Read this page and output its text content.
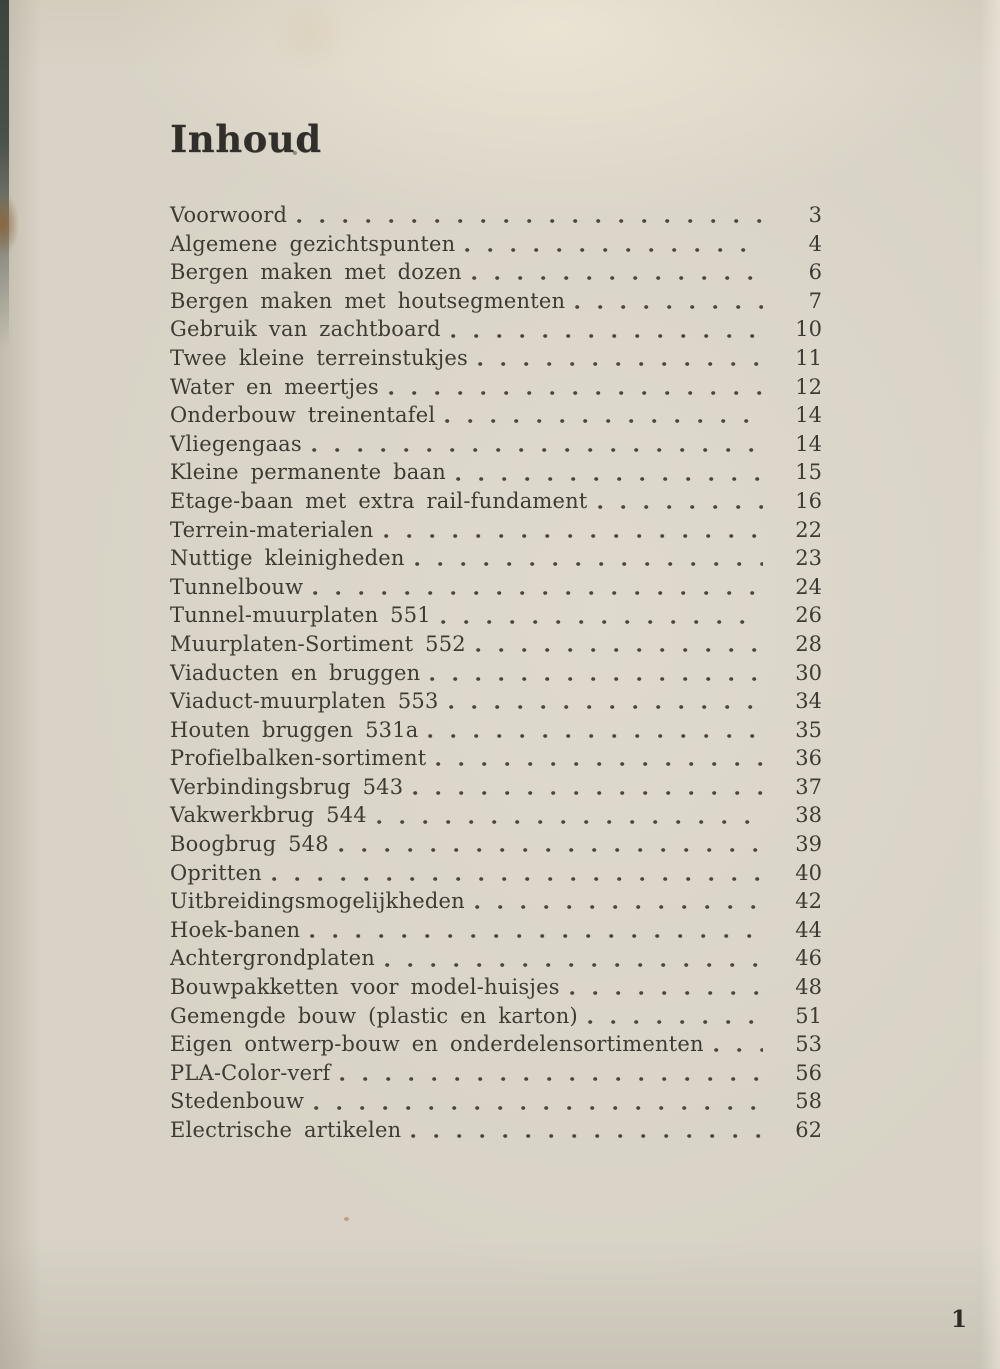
Inhoud
Voorwoord	3
Algemene gezichtspunten	4
Bergen maken met dozen	6
Bergen maken met houtsegmenten	7
Gebruik van zachtboard	10
Twee kleine terreinstukjes	11
Water en meertjes	12
Onderbouw treinentafel	14
Vliegengaas	14
Kleine permanente baan	15
Etage-baan met extra rail-fundament	16
Terrein-materialen	22
Nuttige kleinigheden	23
Tunnelbouw	24
Tunnel-muurplaten 551	26
Muurplaten-Sortiment 552	28
Viaducten en bruggen	30
Viaduct-muurplaten 553	34
Houten bruggen 531a	35
Profielbalken-sortiment	36
Verbindingsbrug 543	37
Vakwerkbrug 544	38
Boogbrug 548	39
Opritten	40
Uitbreidingsmogelijkheden	42
Hoek-banen	44
Achtergrondplaten	46
Bouwpakketten voor model-huisjes	48
Gemengde bouw (plastic en karton)	51
Eigen ontwerp-bouw en onderdelensortimenten	53
PLA-Color-verf	56
Stedenbouw	58
Electrische artikelen	62
1
